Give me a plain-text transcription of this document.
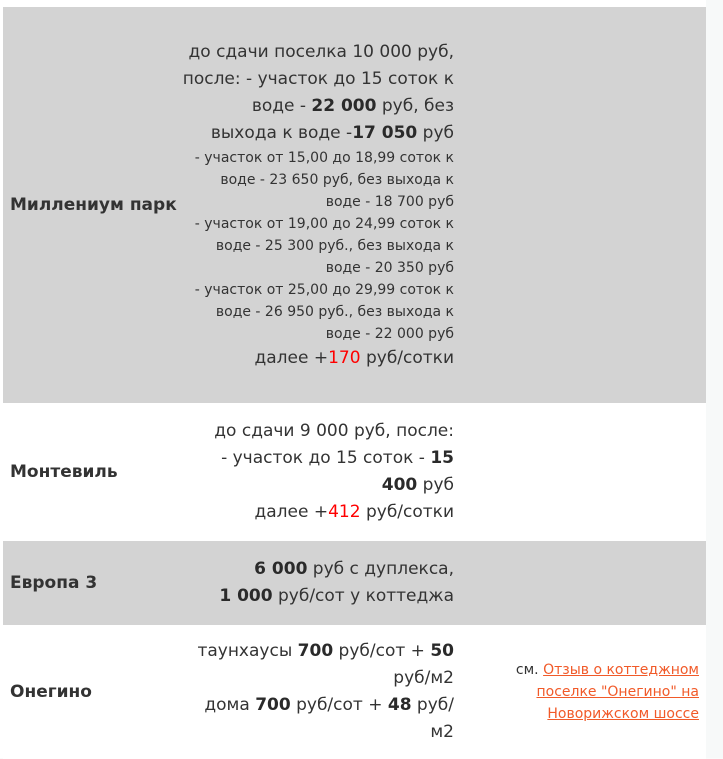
Миллениум парк	до сдачи поселка 10 000 руб, после: - участок до 15 соток к воде - 22 000 руб, без выхода к воде -17 050 руб
- участок от 15,00 до 18,99 соток к воде - 23 650 руб, без выхода к воде - 18 700 руб
- участок от 19,00 до 24,99 соток к воде - 25 300 руб., без выхода к воде - 20 350 руб
- участок от 25,00 до 29,99 соток к воде - 26 950 руб., без выхода к воде - 22 000 руб
далее +170 руб/сотки	

Монтевиль	до сдачи 9 000 руб, после:
- участок до 15 соток - 15 400 руб
далее +412 руб/сотки	

Европа 3	6 000 руб с дуплекса,
1 000 руб/сот у коттеджа	

Онегино	таунхаусы 700 руб/сот + 50 руб/м2
дома 700 руб/сот + 48 руб/м2	см. Отзыв о коттеджном поселке "Онегино" на Новорижском шоссе
